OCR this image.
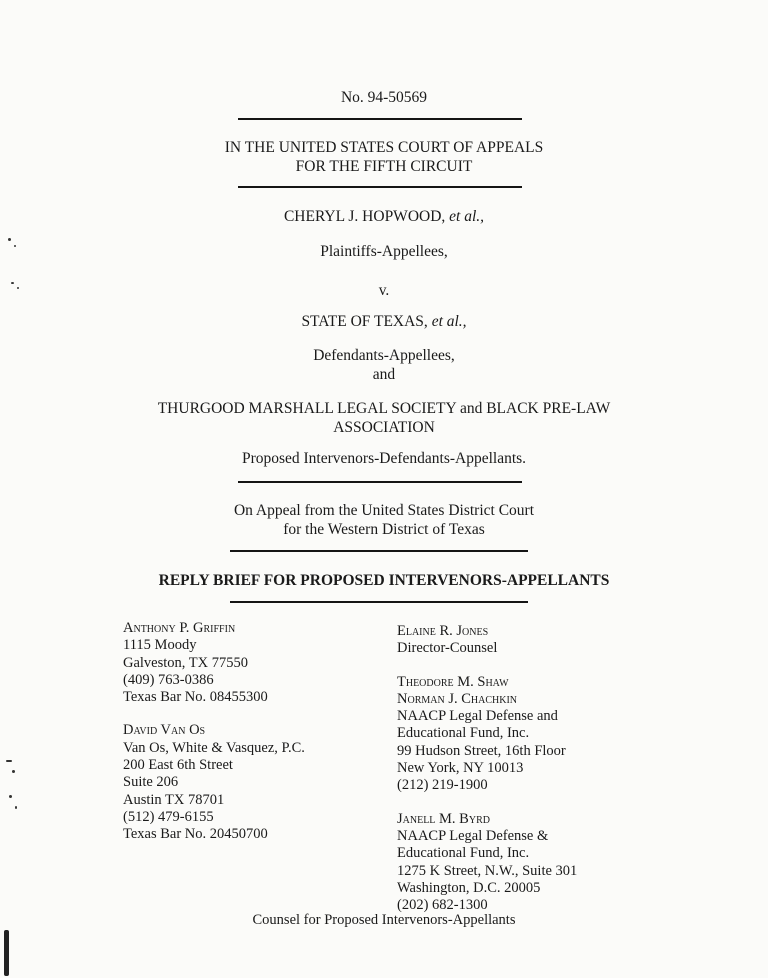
No. 94-50569
IN THE UNITED STATES COURT OF APPEALS
FOR THE FIFTH CIRCUIT
CHERYL J. HOPWOOD, et al.,
Plaintiffs-Appellees,
v.
STATE OF TEXAS, et al.,
Defendants-Appellees,
and
THURGOOD MARSHALL LEGAL SOCIETY and BLACK PRE-LAW
ASSOCIATION
Proposed Intervenors-Defendants-Appellants.
On Appeal from the United States District Court
for the Western District of Texas
REPLY BRIEF FOR PROPOSED INTERVENORS-APPELLANTS
Anthony P. Griffin
1115 Moody
Galveston, TX 77550
(409) 763-0386
Texas Bar No. 08455300
David Van Os
Van Os, White & Vasquez, P.C.
200 East 6th Street
Suite 206
Austin TX 78701
(512) 479-6155
Texas Bar No. 20450700
Elaine R. Jones
Director-Counsel
Theodore M. Shaw
Norman J. Chachkin
NAACP Legal Defense and
Educational Fund, Inc.
99 Hudson Street, 16th Floor
New York, NY 10013
(212) 219-1900
Janell M. Byrd
NAACP Legal Defense &
Educational Fund, Inc.
1275 K Street, N.W., Suite 301
Washington, D.C. 20005
(202) 682-1300
Counsel for Proposed Intervenors-Appellants
